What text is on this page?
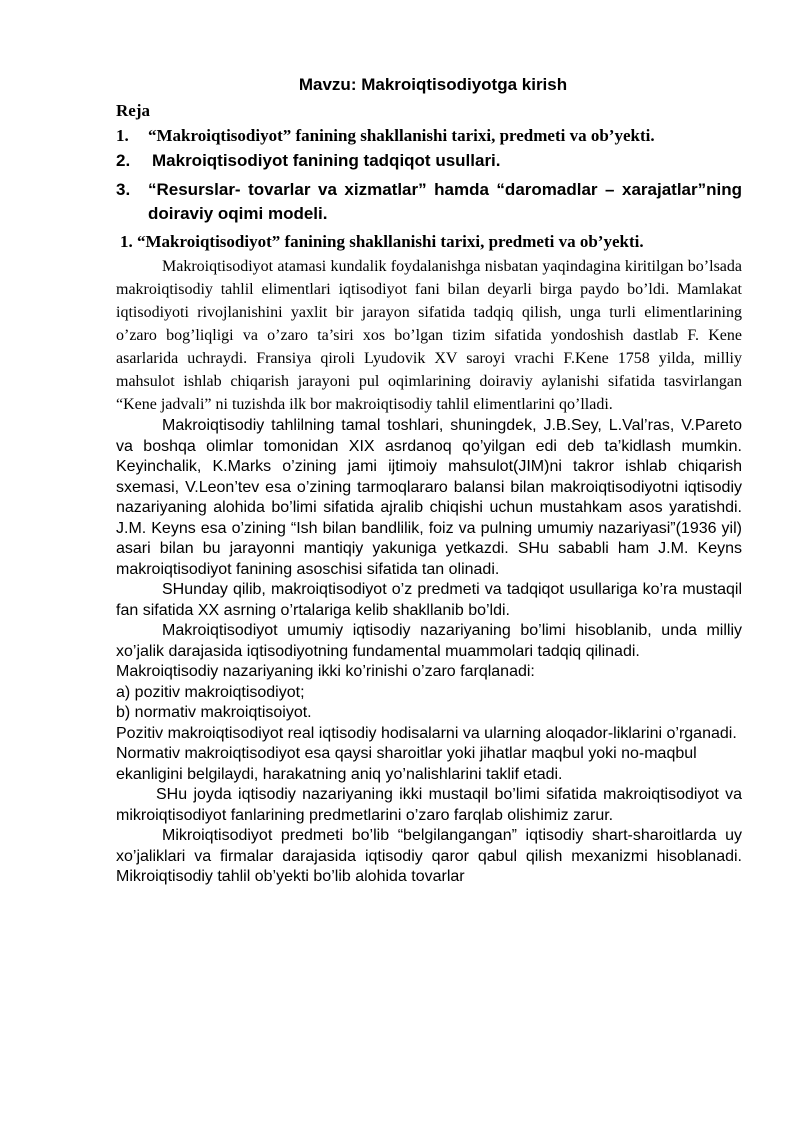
Mavzu: Makroiqtisodiyotga kirish
Reja
1.	“Makroiqtisodiyot” fanining shakllanishi tarixi, predmeti va ob’yekti.
2.	Makroiqtisodiyot fanining tadqiqot usullari.
3.	“Resurslar- tovarlar va xizmatlar” hamda “daromadlar – xarajatlar”ning doiraviy oqimi modeli.
1. “Makroiqtisodiyot” fanining shakllanishi tarixi, predmeti va ob’yekti.

Makroiqtisodiyot atamasi kundalik foydalanishga nisbatan yaqindagina kiritilgan bo’lsada makroiqtisodiy tahlil elimentlari iqtisodiyot fani bilan deyarli birga paydo bo’ldi. Mamlakat iqtisodiyoti rivojlanishini yaxlit bir jarayon sifatida tadqiq qilish, unga turli elimentlarining o’zaro bog’liqligi va o’zaro ta’siri xos bo’lgan tizim sifatida yondoshish dastlab F. Kene asarlarida uchraydi. Fransiya qiroli Lyudovik XV saroyi vrachi F.Kene 1758 yilda, milliy mahsulot ishlab chiqarish jarayoni pul oqimlarining doiraviy aylanishi sifatida tasvirlangan “Kene jadvali” ni tuzishda ilk bor makroiqtisodiy tahlil elimentlarini qo’lladi.

Makroiqtisodiy tahlilning tamal toshlari, shuningdek, J.B.Sey, L.Val’ras, V.Pareto va boshqa olimlar tomonidan XIX asrdanoq qo’yilgan edi deb ta’kidlash mumkin. Keyinchalik, K.Marks o’zining jami ijtimoiy mahsulot(JIM)ni takror ishlab chiqarish sxemasi, V.Leon’tev esa o’zining tarmoqlararo balansi bilan makroiqtisodiyotni iqtisodiy nazariyaning alohida bo’limi sifatida ajralib chiqishi uchun mustahkam asos yaratishdi. J.M. Keyns esa o’zining “Ish bilan bandlilik, foiz va pulning umumiy nazariyasi”(1936 yil) asari bilan bu jarayonni mantiqiy yakuniga yetkazdi. SHu sababli ham J.M. Keyns makroiqtisodiyot fanining asoschisi sifatida tan olinadi.

SHunday qilib, makroiqtisodiyot o’z predmeti va tadqiqot usullariga ko’ra mustaqil fan sifatida XX asrning o’rtalariga kelib shakllanib bo’ldi.

Makroiqtisodiyot umumiy iqtisodiy nazariyaning bo’limi hisoblanib, unda milliy xo’jalik darajasida iqtisodiyotning fundamental muammolari tadqiq qilinadi.

Makroiqtisodiy nazariyaning ikki ko’rinishi o’zaro farqlanadi:

a) pozitiv makroiqtisodiyot;

b) normativ makroiqtisoiyot.

Pozitiv makroiqtisodiyot real iqtisodiy hodisalarni va ularning aloqador-liklarini o’rganadi.

Normativ makroiqtisodiyot esa qaysi sharoitlar yoki jihatlar maqbul yoki no-maqbul ekanligini belgilaydi, harakatning aniq yo’nalishlarini taklif etadi.

SHu joyda iqtisodiy nazariyaning ikki mustaqil bo’limi sifatida makroiqtisodiyot va mikroiqtisodiyot fanlarining predmetlarini o’zaro farqlab olishimiz zarur.

Mikroiqtisodiyot predmeti bo’lib “belgilangangan” iqtisodiy shart-sharoitlarda uy xo’jaliklari va firmalar darajasida iqtisodiy qaror qabul qilish mexanizmi hisoblanadi. Mikroiqtisodiy tahlil ob’yekti bo’lib alohida tovarlar
